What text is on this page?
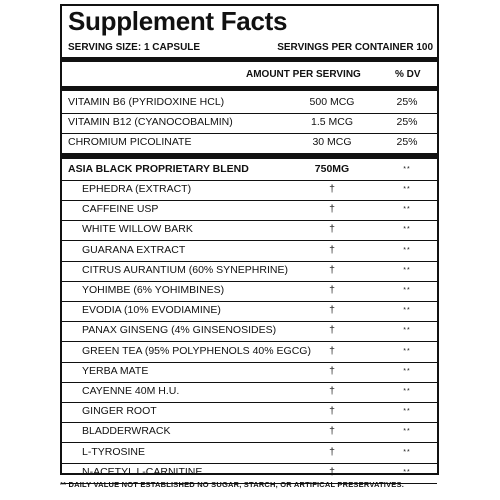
Supplement Facts
SERVING SIZE: 1 CAPSULE	SERVINGS PER CONTAINER 100
AMOUNT PER SERVING	% DV
VITAMIN B6 (PYRIDOXINE HCL)	500 MCG	25%
VITAMIN B12 (CYANOCOBALMIN)	1.5 MCG	25%
CHROMIUM PICOLINATE	30 MCG	25%
ASIA BLACK PROPRIETARY BLEND	750MG	**
EPHEDRA (EXTRACT)	†	**
CAFFEINE USP	†	**
WHITE WILLOW BARK	†	**
GUARANA EXTRACT	†	**
CITRUS AURANTIUM (60% SYNEPHRINE)	†	**
YOHIMBE (6% YOHIMBINES)	†	**
EVODIA (10% EVODIAMINE)	†	**
PANAX GINSENG (4% GINSENOSIDES)	†	**
GREEN TEA (95% POLYPHENOLS 40% EGCG)	†	**
YERBA MATE	†	**
CAYENNE 40M H.U.	†	**
GINGER ROOT	†	**
BLADDERWRACK	†	**
L-TYROSINE	†	**
N-ACETYL L-CARNITINE	†	**
** DAILY VALUE NOT ESTABLISHED NO SUGAR, STARCH, OR ARTIFICAL PRESERVATIVES.
